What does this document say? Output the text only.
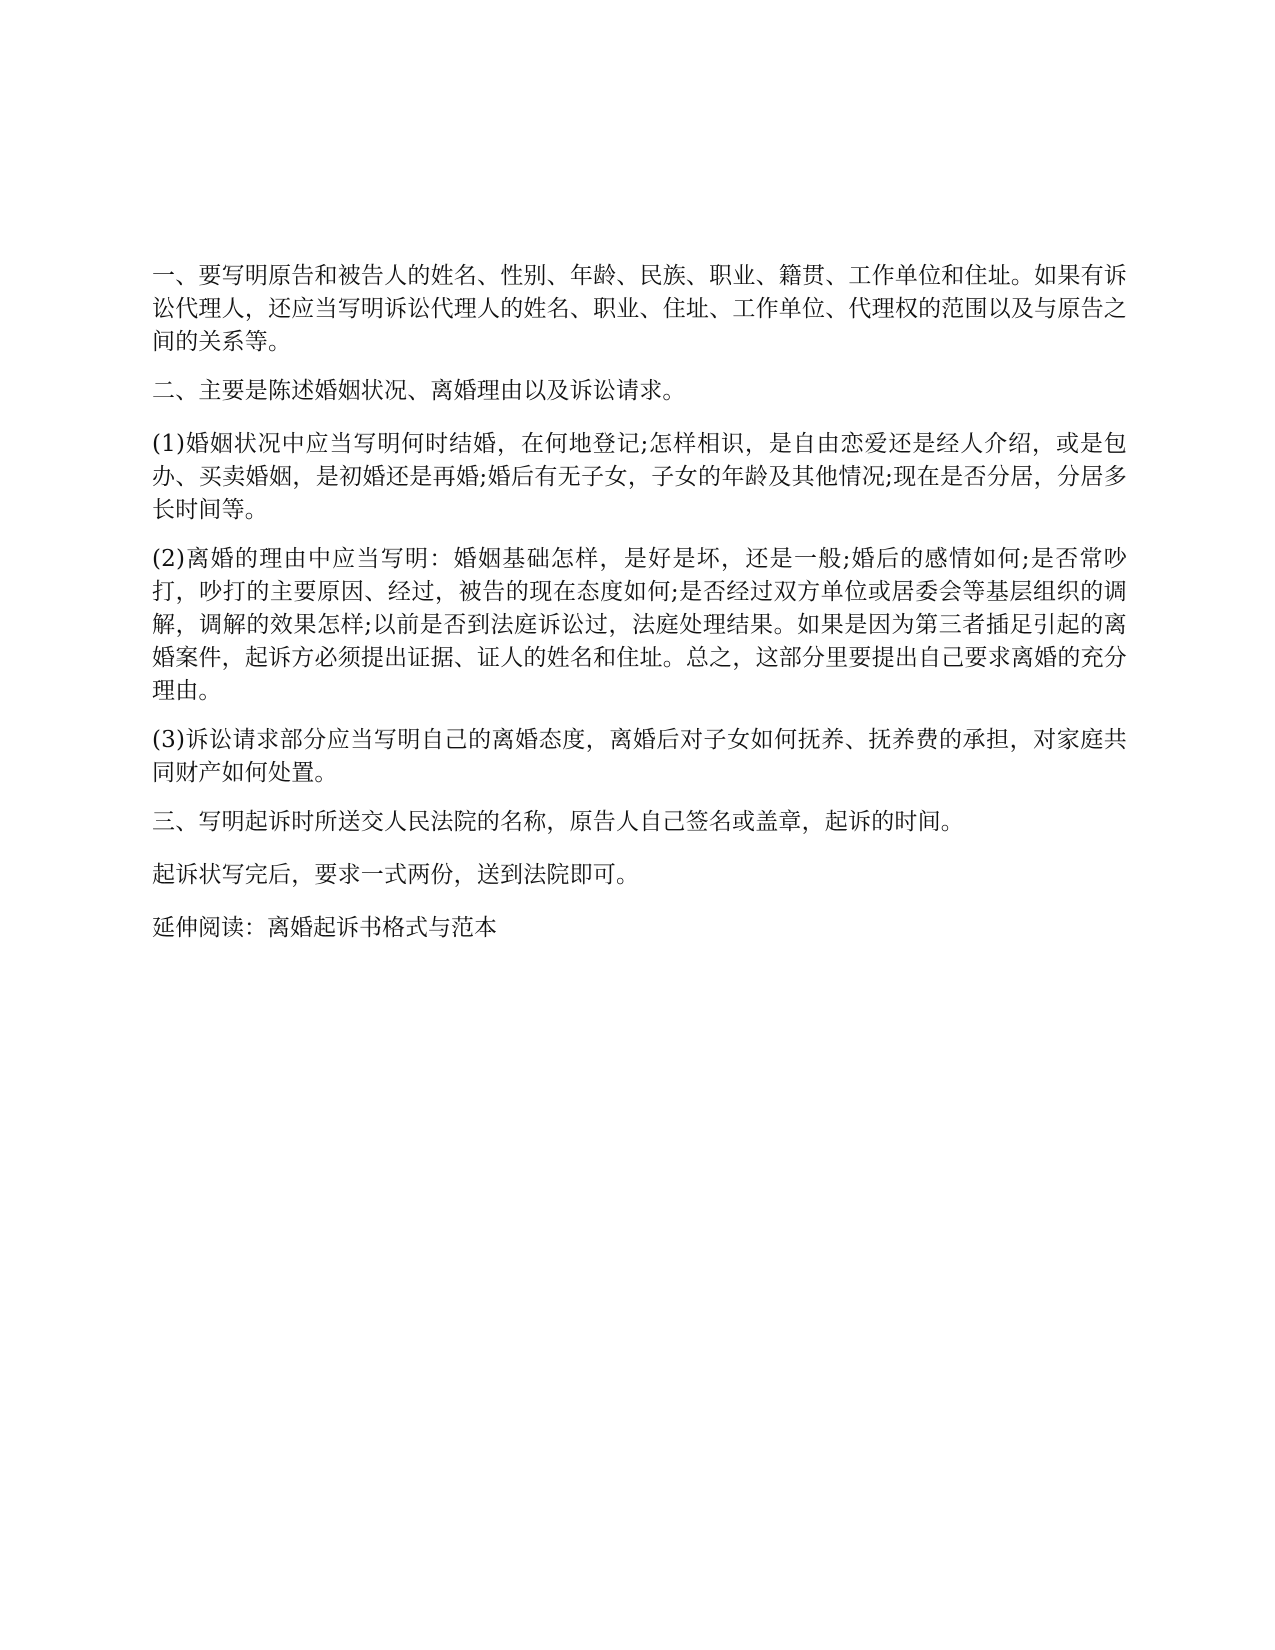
一、要写明原告和被告人的姓名、性别、年龄、民族、职业、籍贯、工作单位和住址。如果有诉讼代理人，还应当写明诉讼代理人的姓名、职业、住址、工作单位、代理权的范围以及与原告之间的关系等。

二、主要是陈述婚姻状况、离婚理由以及诉讼请求。

(1)婚姻状况中应当写明何时结婚，在何地登记;怎样相识，是自由恋爱还是经人介绍，或是包办、买卖婚姻，是初婚还是再婚;婚后有无子女，子女的年龄及其他情况;现在是否分居，分居多长时间等。

(2)离婚的理由中应当写明：婚姻基础怎样，是好是坏，还是一般;婚后的感情如何;是否常吵打，吵打的主要原因、经过，被告的现在态度如何;是否经过双方单位或居委会等基层组织的调解，调解的效果怎样;以前是否到法庭诉讼过，法庭处理结果。如果是因为第三者插足引起的离婚案件，起诉方必须提出证据、证人的姓名和住址。总之，这部分里要提出自己要求离婚的充分理由。

(3)诉讼请求部分应当写明自己的离婚态度，离婚后对子女如何抚养、抚养费的承担，对家庭共同财产如何处置。

三、写明起诉时所送交人民法院的名称，原告人自己签名或盖章，起诉的时间。

起诉状写完后，要求一式两份，送到法院即可。

延伸阅读：离婚起诉书格式与范本
